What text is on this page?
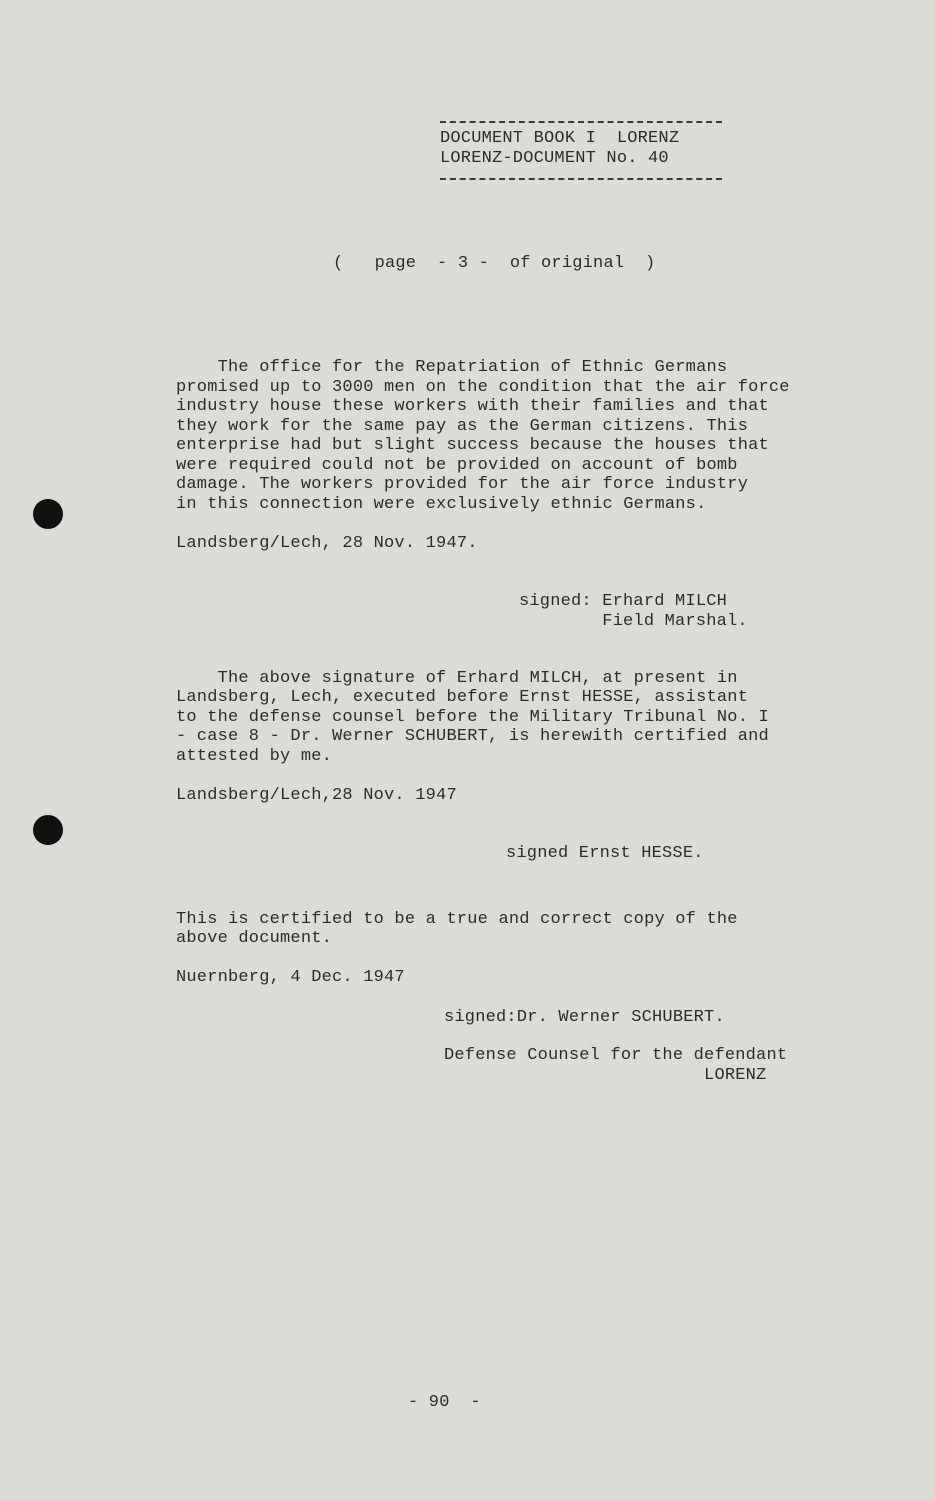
DOCUMENT BOOK I  LORENZ

LORENZ-DOCUMENT No. 40

(   page  - 3 -  of original  )

The office for the Repatriation of Ethnic Germans

promised up to 3000 men on the condition that the air force

industry house these workers with their families and that

they work for the same pay as the German citizens. This

enterprise had but slight success because the houses that

were required could not be provided on account of bomb

damage. The workers provided for the air force industry

in this connection were exclusively ethnic Germans.

Landsberg/Lech, 28 Nov. 1947.

signed: Erhard MILCH

Field Marshal.

The above signature of Erhard MILCH, at present in

Landsberg, Lech, executed before Ernst HESSE, assistant

to the defense counsel before the Military Tribunal No. I

- case 8 - Dr. Werner SCHUBERT, is herewith certified and

attested by me.

Landsberg/Lech,28 Nov. 1947

signed Ernst HESSE.

This is certified to be a true and correct copy of the

above document.

Nuernberg, 4 Dec. 1947

signed:Dr. Werner SCHUBERT.

Defense Counsel for the defendant

LORENZ

- 90  -
